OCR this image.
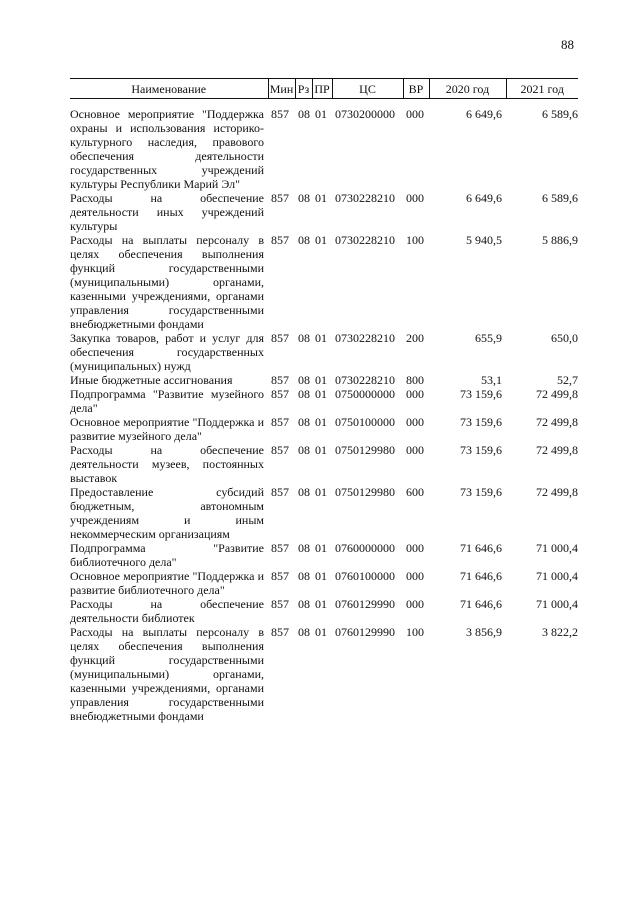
88
Наименование	Мин	Рз	ПР	ЦС	ВР	2020 год	2021 год
Основное мероприятие "Поддержка охраны и использования историко-культурного наследия, правового обеспечения деятельности государственных учреждений культуры Республики Марий Эл"	857	08	01	0730200000	000	6 649,6	6 589,6
Расходы на обеспечение деятельности иных учреждений культуры	857	08	01	0730228210	000	6 649,6	6 589,6
Расходы на выплаты персоналу в целях обеспечения выполнения функций государственными (муниципальными) органами, казенными учреждениями, органами управления государственными внебюджетными фондами	857	08	01	0730228210	100	5 940,5	5 886,9
Закупка товаров, работ и услуг для обеспечения государственных (муниципальных) нужд	857	08	01	0730228210	200	655,9	650,0
Иные бюджетные ассигнования	857	08	01	0730228210	800	53,1	52,7
Подпрограмма "Развитие музейного дела"	857	08	01	0750000000	000	73 159,6	72 499,8
Основное мероприятие "Поддержка и развитие музейного дела"	857	08	01	0750100000	000	73 159,6	72 499,8
Расходы на обеспечение деятельности музеев, постоянных выставок	857	08	01	0750129980	000	73 159,6	72 499,8
Предоставление субсидий бюджетным, автономным учреждениям и иным некоммерческим организациям	857	08	01	0750129980	600	73 159,6	72 499,8
Подпрограмма "Развитие библиотечного дела"	857	08	01	0760000000	000	71 646,6	71 000,4
Основное мероприятие "Поддержка и развитие библиотечного дела"	857	08	01	0760100000	000	71 646,6	71 000,4
Расходы на обеспечение деятельности библиотек	857	08	01	0760129990	000	71 646,6	71 000,4
Расходы на выплаты персоналу в целях обеспечения выполнения функций государственными (муниципальными) органами, казенными учреждениями, органами управления государственными внебюджетными фондами	857	08	01	0760129990	100	3 856,9	3 822,2
